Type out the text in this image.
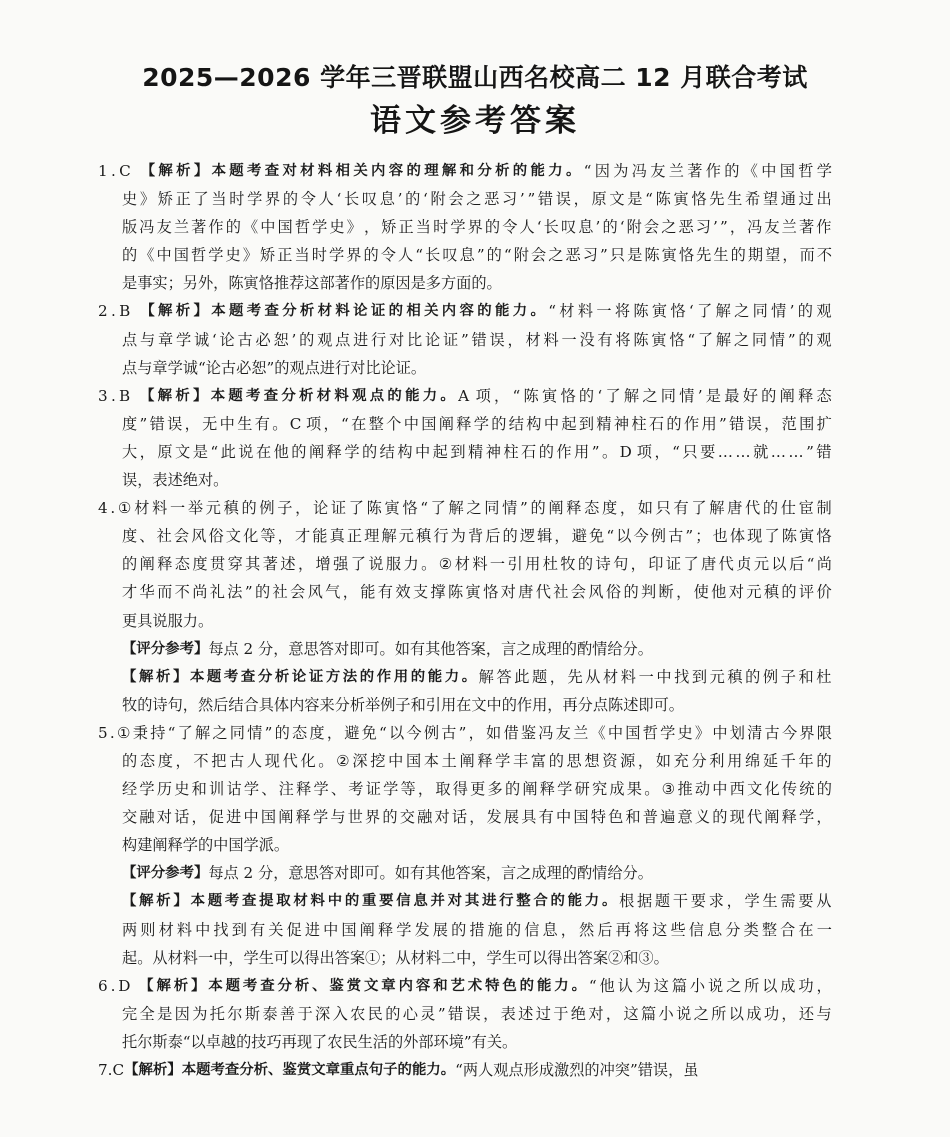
2025—2026 学年三晋联盟山西名校高二 12 月联合考试
语文参考答案
1 . C 【 解 析 】 本 题 考 查 对 材 料 相 关 内 容 的 理 解 和 分 析 的 能 力 。 “ 因 为 冯 友 兰 著 作 的 《 中 国 哲 学
史 》 矫 正 了 当 时 学 界 的 令 人 ‘ 长 叹 息 ’ 的 ‘ 附 会 之 恶 习 ’ ” 错 误 ， 原 文 是 “ 陈 寅 恪 先 生 希 望 通 过 出
版 冯 友 兰 著 作 的 《 中 国 哲 学 史 》 ， 矫 正 当 时 学 界 的 令 人 ‘ 长 叹 息 ’ 的 ‘ 附 会 之 恶 习 ’ ” ， 冯 友 兰 著 作
的 《 中 国 哲 学 史 》 矫 正 当 时 学 界 的 令 人 “ 长 叹 息 ” 的 “ 附 会 之 恶 习 ” 只 是 陈 寅 恪 先 生 的 期 望 ， 而 不
是事实；另外，陈寅恪推荐这部著作的原因是多方面的。
2 . B 【 解 析 】 本 题 考 查 分 析 材 料 论 证 的 相 关 内 容 的 能 力 。 “ 材 料 一 将 陈 寅 恪 ‘ 了 解 之 同 情 ’ 的 观
点 与 章 学 诚 ‘ 论 古 必 恕 ’ 的 观 点 进 行 对 比 论 证 ” 错 误 ， 材 料 一 没 有 将 陈 寅 恪 “ 了 解 之 同 情 ” 的 观
点与章学诚“论古必恕”的观点进行对比论证。
3 . B 【 解 析 】 本 题 考 查 分 析 材 料 观 点 的 能 力 。 A 项 ， “ 陈 寅 恪 的 ‘ 了 解 之 同 情 ’ 是 最 好 的 阐 释 态
度 ” 错 误 ， 无 中 生 有 。 C 项 ， “ 在 整 个 中 国 阐 释 学 的 结 构 中 起 到 精 神 柱 石 的 作 用 ” 错 误 ， 范 围 扩
大 ， 原 文 是 “ 此 说 在 他 的 阐 释 学 的 结 构 中 起 到 精 神 柱 石 的 作 用 ” 。 D 项 ， “ 只 要 … … 就 … … ” 错
误，表述绝对。
4 . ① 材 料 一 举 元 稹 的 例 子 ， 论 证 了 陈 寅 恪 “ 了 解 之 同 情 ” 的 阐 释 态 度 ， 如 只 有 了 解 唐 代 的 仕 宦 制
度 、 社 会 风 俗 文 化 等 ， 才 能 真 正 理 解 元 稹 行 为 背 后 的 逻 辑 ， 避 免 “ 以 今 例 古 ” ； 也 体 现 了 陈 寅 恪
的 阐 释 态 度 贯 穿 其 著 述 ， 增 强 了 说 服 力 。 ② 材 料 一 引 用 杜 牧 的 诗 句 ， 印 证 了 唐 代 贞 元 以 后 “ 尚
才 华 而 不 尚 礼 法 ” 的 社 会 风 气 ， 能 有 效 支 撑 陈 寅 恪 对 唐 代 社 会 风 俗 的 判 断 ， 使 他 对 元 稹 的 评 价
更具说服力。
【评分参考】 每点 2 分，意思答对即可。如有其他答案，言之成理的酌情给分。
【 解 析 】 本 题 考 查 分 析 论 证 方 法 的 作 用 的 能 力 。 解 答 此 题 ， 先 从 材 料 一 中 找 到 元 稹 的 例 子 和 杜
牧的诗句，然后结合具体内容来分析举例子和引用在文中的作用，再分点陈述即可。
5 . ① 秉 持 “ 了 解 之 同 情 ” 的 态 度 ， 避 免 “ 以 今 例 古 ” ， 如 借 鉴 冯 友 兰 《 中 国 哲 学 史 》 中 划 清 古 今 界 限
的 态 度 ， 不 把 古 人 现 代 化 。 ② 深 挖 中 国 本 土 阐 释 学 丰 富 的 思 想 资 源 ， 如 充 分 利 用 绵 延 千 年 的
经 学 历 史 和 训 诂 学 、 注 释 学 、 考 证 学 等 ， 取 得 更 多 的 阐 释 学 研 究 成 果 。 ③ 推 动 中 西 文 化 传 统 的
交 融 对 话 ， 促 进 中 国 阐 释 学 与 世 界 的 交 融 对 话 ， 发 展 具 有 中 国 特 色 和 普 遍 意 义 的 现 代 阐 释 学 ，
构建阐释学的中国学派。
【评分参考】 每点 2 分，意思答对即可。如有其他答案，言之成理的酌情给分。
【 解 析 】 本 题 考 查 提 取 材 料 中 的 重 要 信 息 并 对 其 进 行 整 合 的 能 力 。 根 据 题 干 要 求 ， 学 生 需 要 从
两 则 材 料 中 找 到 有 关 促 进 中 国 阐 释 学 发 展 的 措 施 的 信 息 ， 然 后 再 将 这 些 信 息 分 类 整 合 在 一
起。从材料一中，学生可以得出答案①；从材料二中，学生可以得出答案②和③。
6 . D 【 解 析 】 本 题 考 查 分 析 、 鉴 赏 文 章 内 容 和 艺 术 特 色 的 能 力 。 “ 他 认 为 这 篇 小 说 之 所 以 成 功 ，
完 全 是 因 为 托 尔 斯 泰 善 于 深 入 农 民 的 心 灵 ” 错 误 ， 表 述 过 于 绝 对 ， 这 篇 小 说 之 所 以 成 功 ， 还 与
托尔斯泰“以卓越的技巧再现了农民生活的外部环境”有关。
7.C 【解析】本题考查分析、鉴赏文章重点句子的能力。 “两人观点形成激烈的冲突”错误，虽
